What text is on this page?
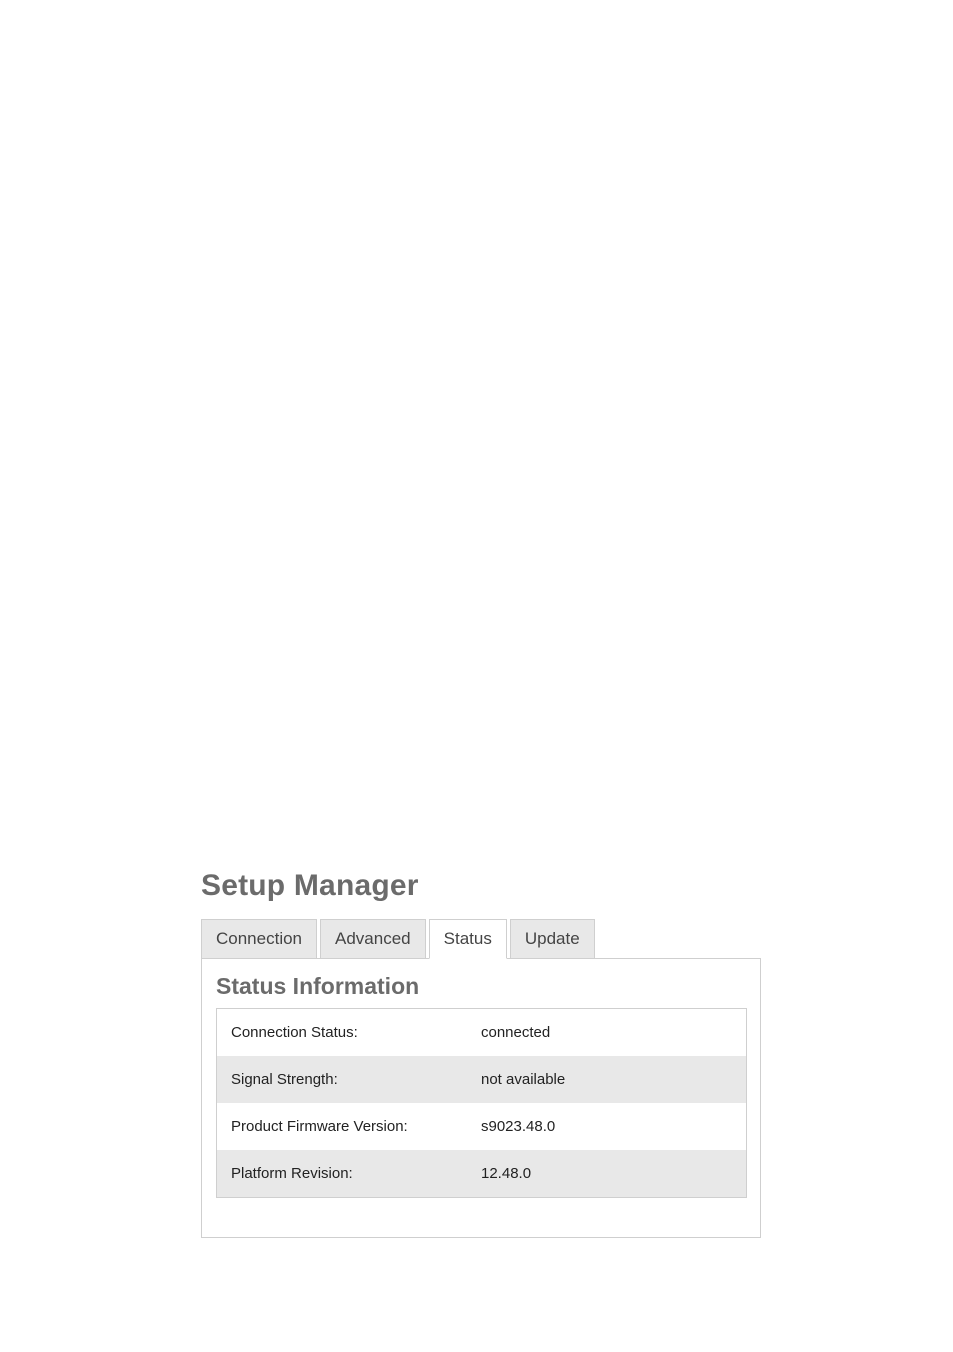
Setup Manager
Connection	Advanced	Status	Update
Status Information
Connection Status:	connected
Signal Strength:	not available
Product Firmware Version:	s9023.48.0
Platform Revision:	12.48.0
